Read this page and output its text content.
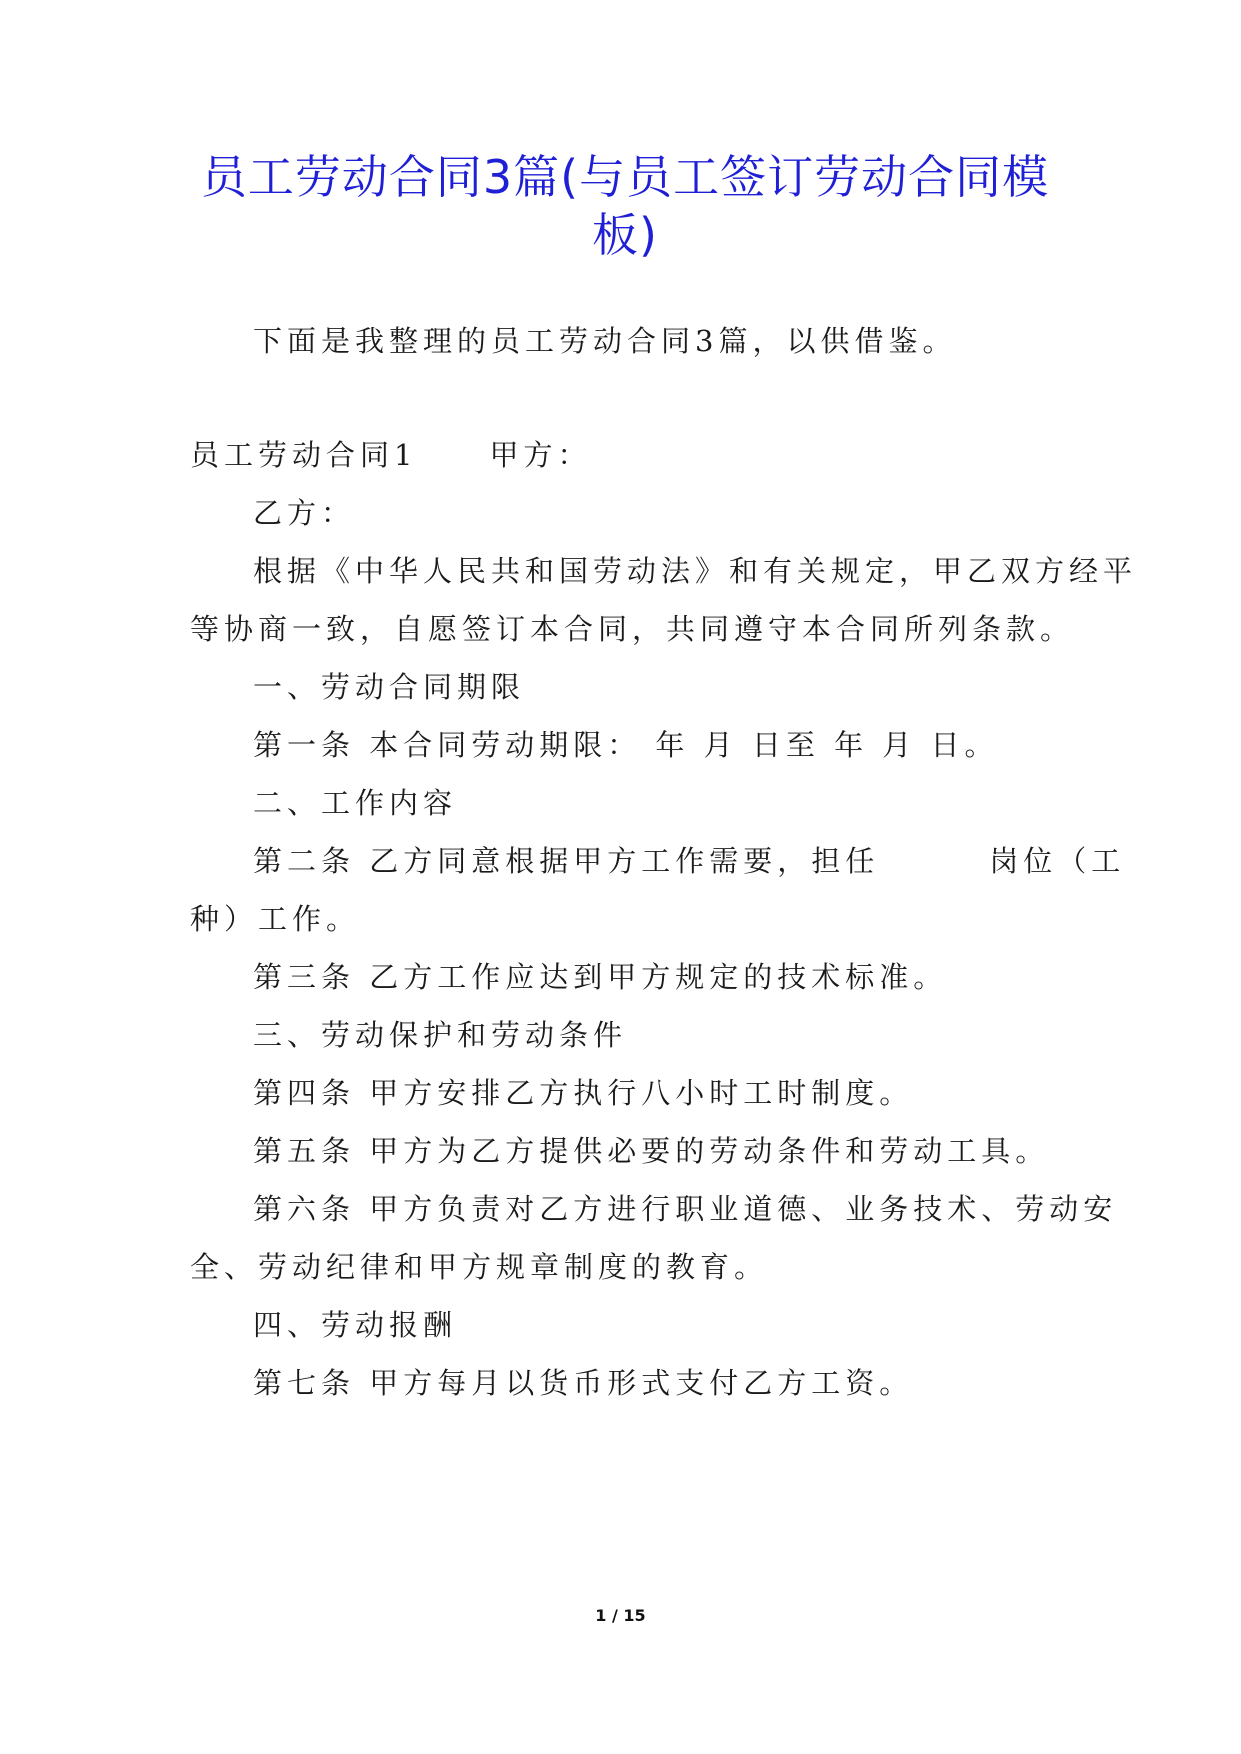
员工劳动合同3篇(与员工签订劳动合同模板)
下面是我整理的员工劳动合同3篇，以供借鉴。
员工劳动合同1 甲方：
乙方：
根据《中华人民共和国劳动法》和有关规定，甲乙双方经平
等协商一致，自愿签订本合同，共同遵守本合同所列条款。
一、劳动合同期限
第一条 本合同劳动期限： 年 月 日至 年 月 日。
二、工作内容
第二条 乙方同意根据甲方工作需要，担任	岗位（工
种）工作。
第三条 乙方工作应达到甲方规定的技术标准。
三、劳动保护和劳动条件
第四条 甲方安排乙方执行八小时工时制度。
第五条 甲方为乙方提供必要的劳动条件和劳动工具。
第六条 甲方负责对乙方进行职业道德、业务技术、劳动安
全、劳动纪律和甲方规章制度的教育。
四、劳动报酬
第七条 甲方每月以货币形式支付乙方工资。
1 / 15
